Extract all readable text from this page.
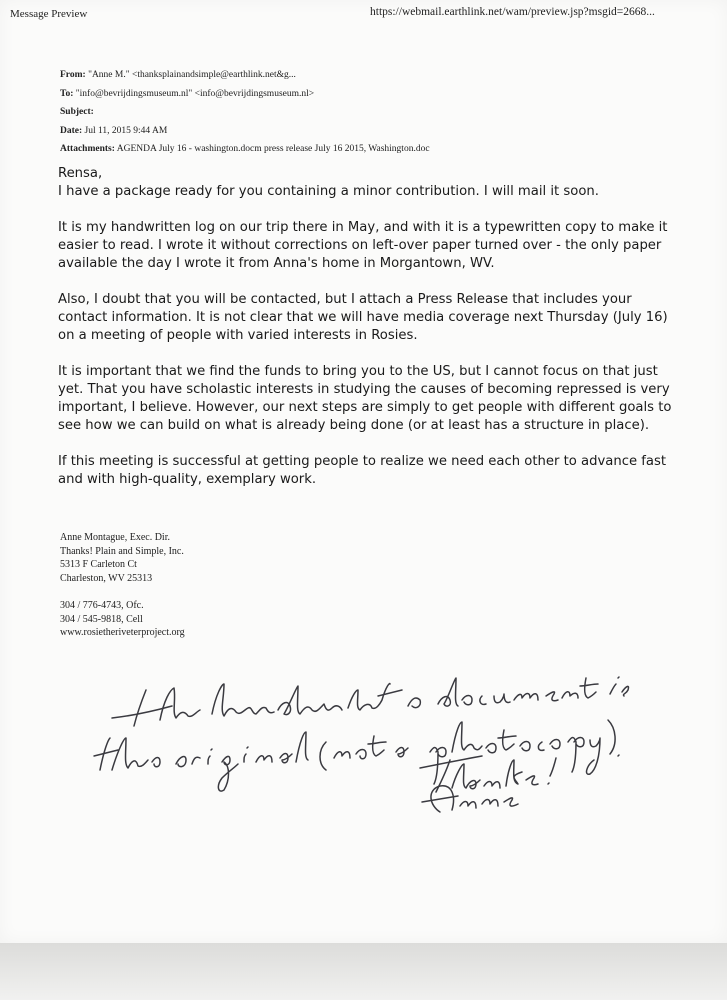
Message Preview	https://webmail.earthlink.net/wam/preview.jsp?msgid=2668...
From: "Anne M." <thanksplainandsimple@earthlink.net&g...
To: "info@bevrijdingsmuseum.nl" <info@bevrijdingsmuseum.nl>
Subject:
Date: Jul 11, 2015 9:44 AM
Attachments: AGENDA July 16 - washington.docm press release July 16 2015, Washington.doc
Rensa,

I have a package ready for you containing a minor contribution. I will mail it soon.

It is my handwritten log on our trip there in May, and with it is a typewritten copy to make it easier to read. I wrote it without corrections on left-over paper turned over - the only paper available the day I wrote it from Anna's home in Morgantown, WV.

Also, I doubt that you will be contacted, but I attach a Press Release that includes your contact information. It is not clear that we will have media coverage next Thursday (July 16) on a meeting of people with varied interests in Rosies.

It is important that we find the funds to bring you to the US, but I cannot focus on that just yet. That you have scholastic interests in studying the causes of becoming repressed is very important, I believe. However, our next steps are simply to get people with different goals to see how we can build on what is already being done (or at least has a structure in place).

If this meeting is successful at getting people to realize we need each other to advance fast and with high-quality, exemplary work.

Anne Montague, Exec. Dir.
Thanks! Plain and Simple, Inc.
5313 F Carleton Ct
Charleston, WV 25313
304 / 776-4743, Ofc.
304 / 545-9818, Cell
www.rosietheriveterproject.org
